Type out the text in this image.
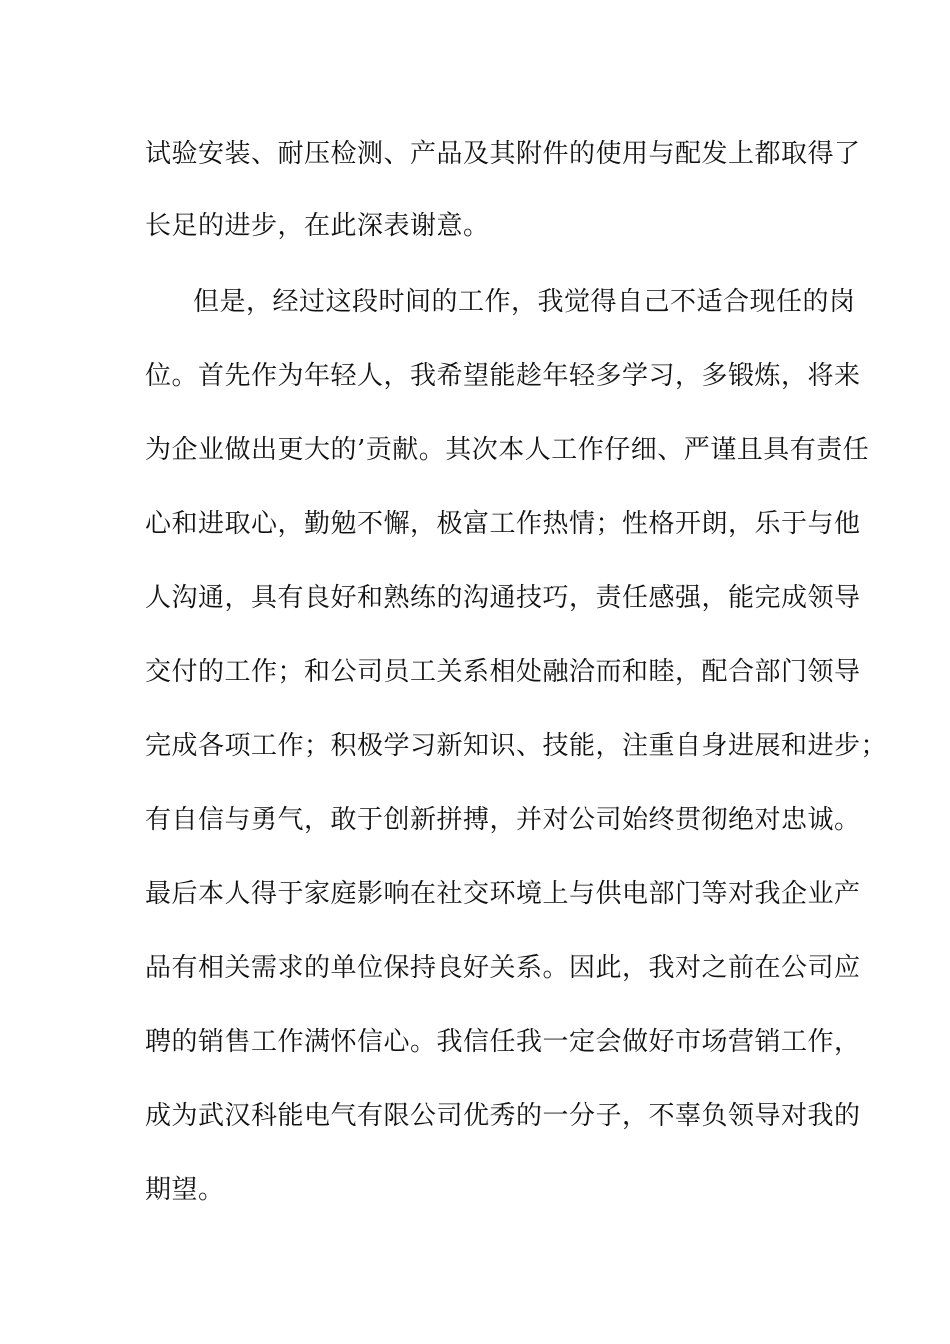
试验安装、耐压检测、产品及其附件的使用与配发上都取得了
长足的进步，在此深表谢意。
但是，经过这段时间的工作，我觉得自己不适合现任的岗
位。首先作为年轻人，我希望能趁年轻多学习，多锻炼，将来
为企业做出更大的’贡献。其次本人工作仔细、严谨且具有责任
心和进取心，勤勉不懈，极富工作热情；性格开朗，乐于与他
人沟通，具有良好和熟练的沟通技巧，责任感强，能完成领导
交付的工作；和公司员工关系相处融洽而和睦，配合部门领导
完成各项工作；积极学习新知识、技能，注重自身进展和进步；
有自信与勇气，敢于创新拼搏，并对公司始终贯彻绝对忠诚。
最后本人得于家庭影响在社交环境上与供电部门等对我企业产
品有相关需求的单位保持良好关系。因此，我对之前在公司应
聘的销售工作满怀信心。我信任我一定会做好市场营销工作，
成为武汉科能电气有限公司优秀的一分子，不辜负领导对我的
期望。
